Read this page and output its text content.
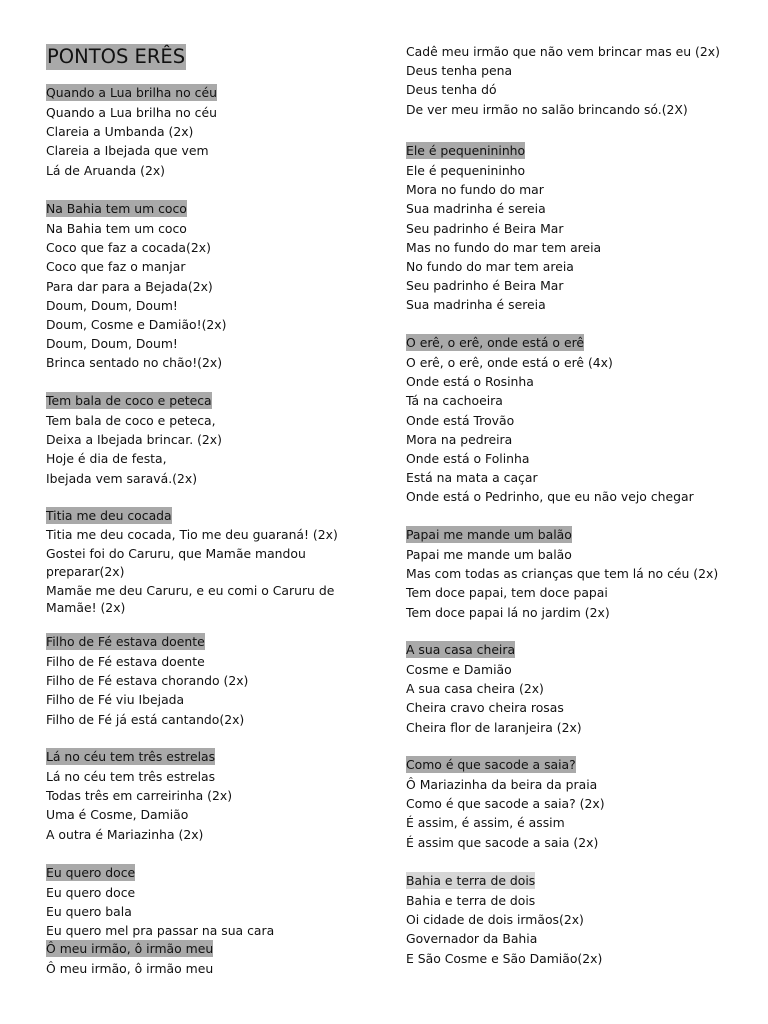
PONTOS ERÊS
Quando a Lua brilha no céu
Quando a Lua brilha no céu
Clareia a Umbanda (2x)
Clareia a Ibejada que vem
Lá de Aruanda (2x)
Na Bahia tem um coco
Na Bahia tem um coco
Coco que faz a cocada(2x)
Coco que faz o manjar
Para dar para a Bejada(2x)
Doum, Doum, Doum!
Doum, Cosme e Damião!(2x)
Doum, Doum, Doum!
Brinca sentado no chão!(2x)
Tem bala de coco e peteca
Tem bala de coco e peteca,
Deixa a Ibejada brincar. (2x)
Hoje é dia de festa,
Ibejada vem saravá.(2x)
Titia me deu cocada
Titia me deu cocada, Tio me deu guaraná! (2x)
Gostei foi do Caruru, que Mamãe mandou preparar(2x)
Mamãe me deu Caruru, e eu comi o Caruru de Mamãe! (2x)
Filho de Fé estava doente
Filho de Fé estava doente
Filho de Fé estava chorando (2x)
Filho de Fé viu Ibejada
Filho de Fé já está cantando(2x)
Lá no céu tem três estrelas
Lá no céu tem três estrelas
Todas três em carreirinha (2x)
Uma é Cosme, Damião
A outra é Mariazinha (2x)
Eu quero doce
Eu quero doce
Eu quero bala
Eu quero mel pra passar na sua cara
Ô meu irmão, ô irmão meu
Ô meu irmão, ô irmão meu
Cadê meu irmão que não vem brincar mas eu (2x)
Deus tenha pena
Deus tenha dó
De ver meu irmão no salão brincando só.(2X)
Ele é pequenininho
Ele é pequenininho
Mora no fundo do mar
Sua madrinha é sereia
Seu padrinho é Beira Mar
Mas no fundo do mar tem areia
No fundo do mar tem areia
Seu padrinho é Beira Mar
Sua madrinha é sereia
O erê, o erê, onde está o erê
O erê, o erê, onde está o erê (4x)
Onde está o Rosinha
Tá na cachoeira
Onde está Trovão
Mora na pedreira
Onde está o Folinha
Está na mata a caçar
Onde está o Pedrinho, que eu não vejo chegar
Papai me mande um balão
Papai me mande um balão
Mas com todas as crianças que tem lá no céu (2x)
Tem doce papai, tem doce papai
Tem doce papai lá no jardim (2x)
A sua casa cheira
Cosme e Damião
A sua casa cheira (2x)
Cheira cravo cheira rosas
Cheira flor de laranjeira (2x)
Como é que sacode a saia?
Ô Mariazinha da beira da praia
Como é que sacode a saia? (2x)
É assim, é assim, é assim
É assim que sacode a saia (2x)
Bahia e terra de dois
Bahia e terra de dois
Oi cidade de dois irmãos(2x)
Governador da Bahia
E São Cosme e São Damião(2x)
